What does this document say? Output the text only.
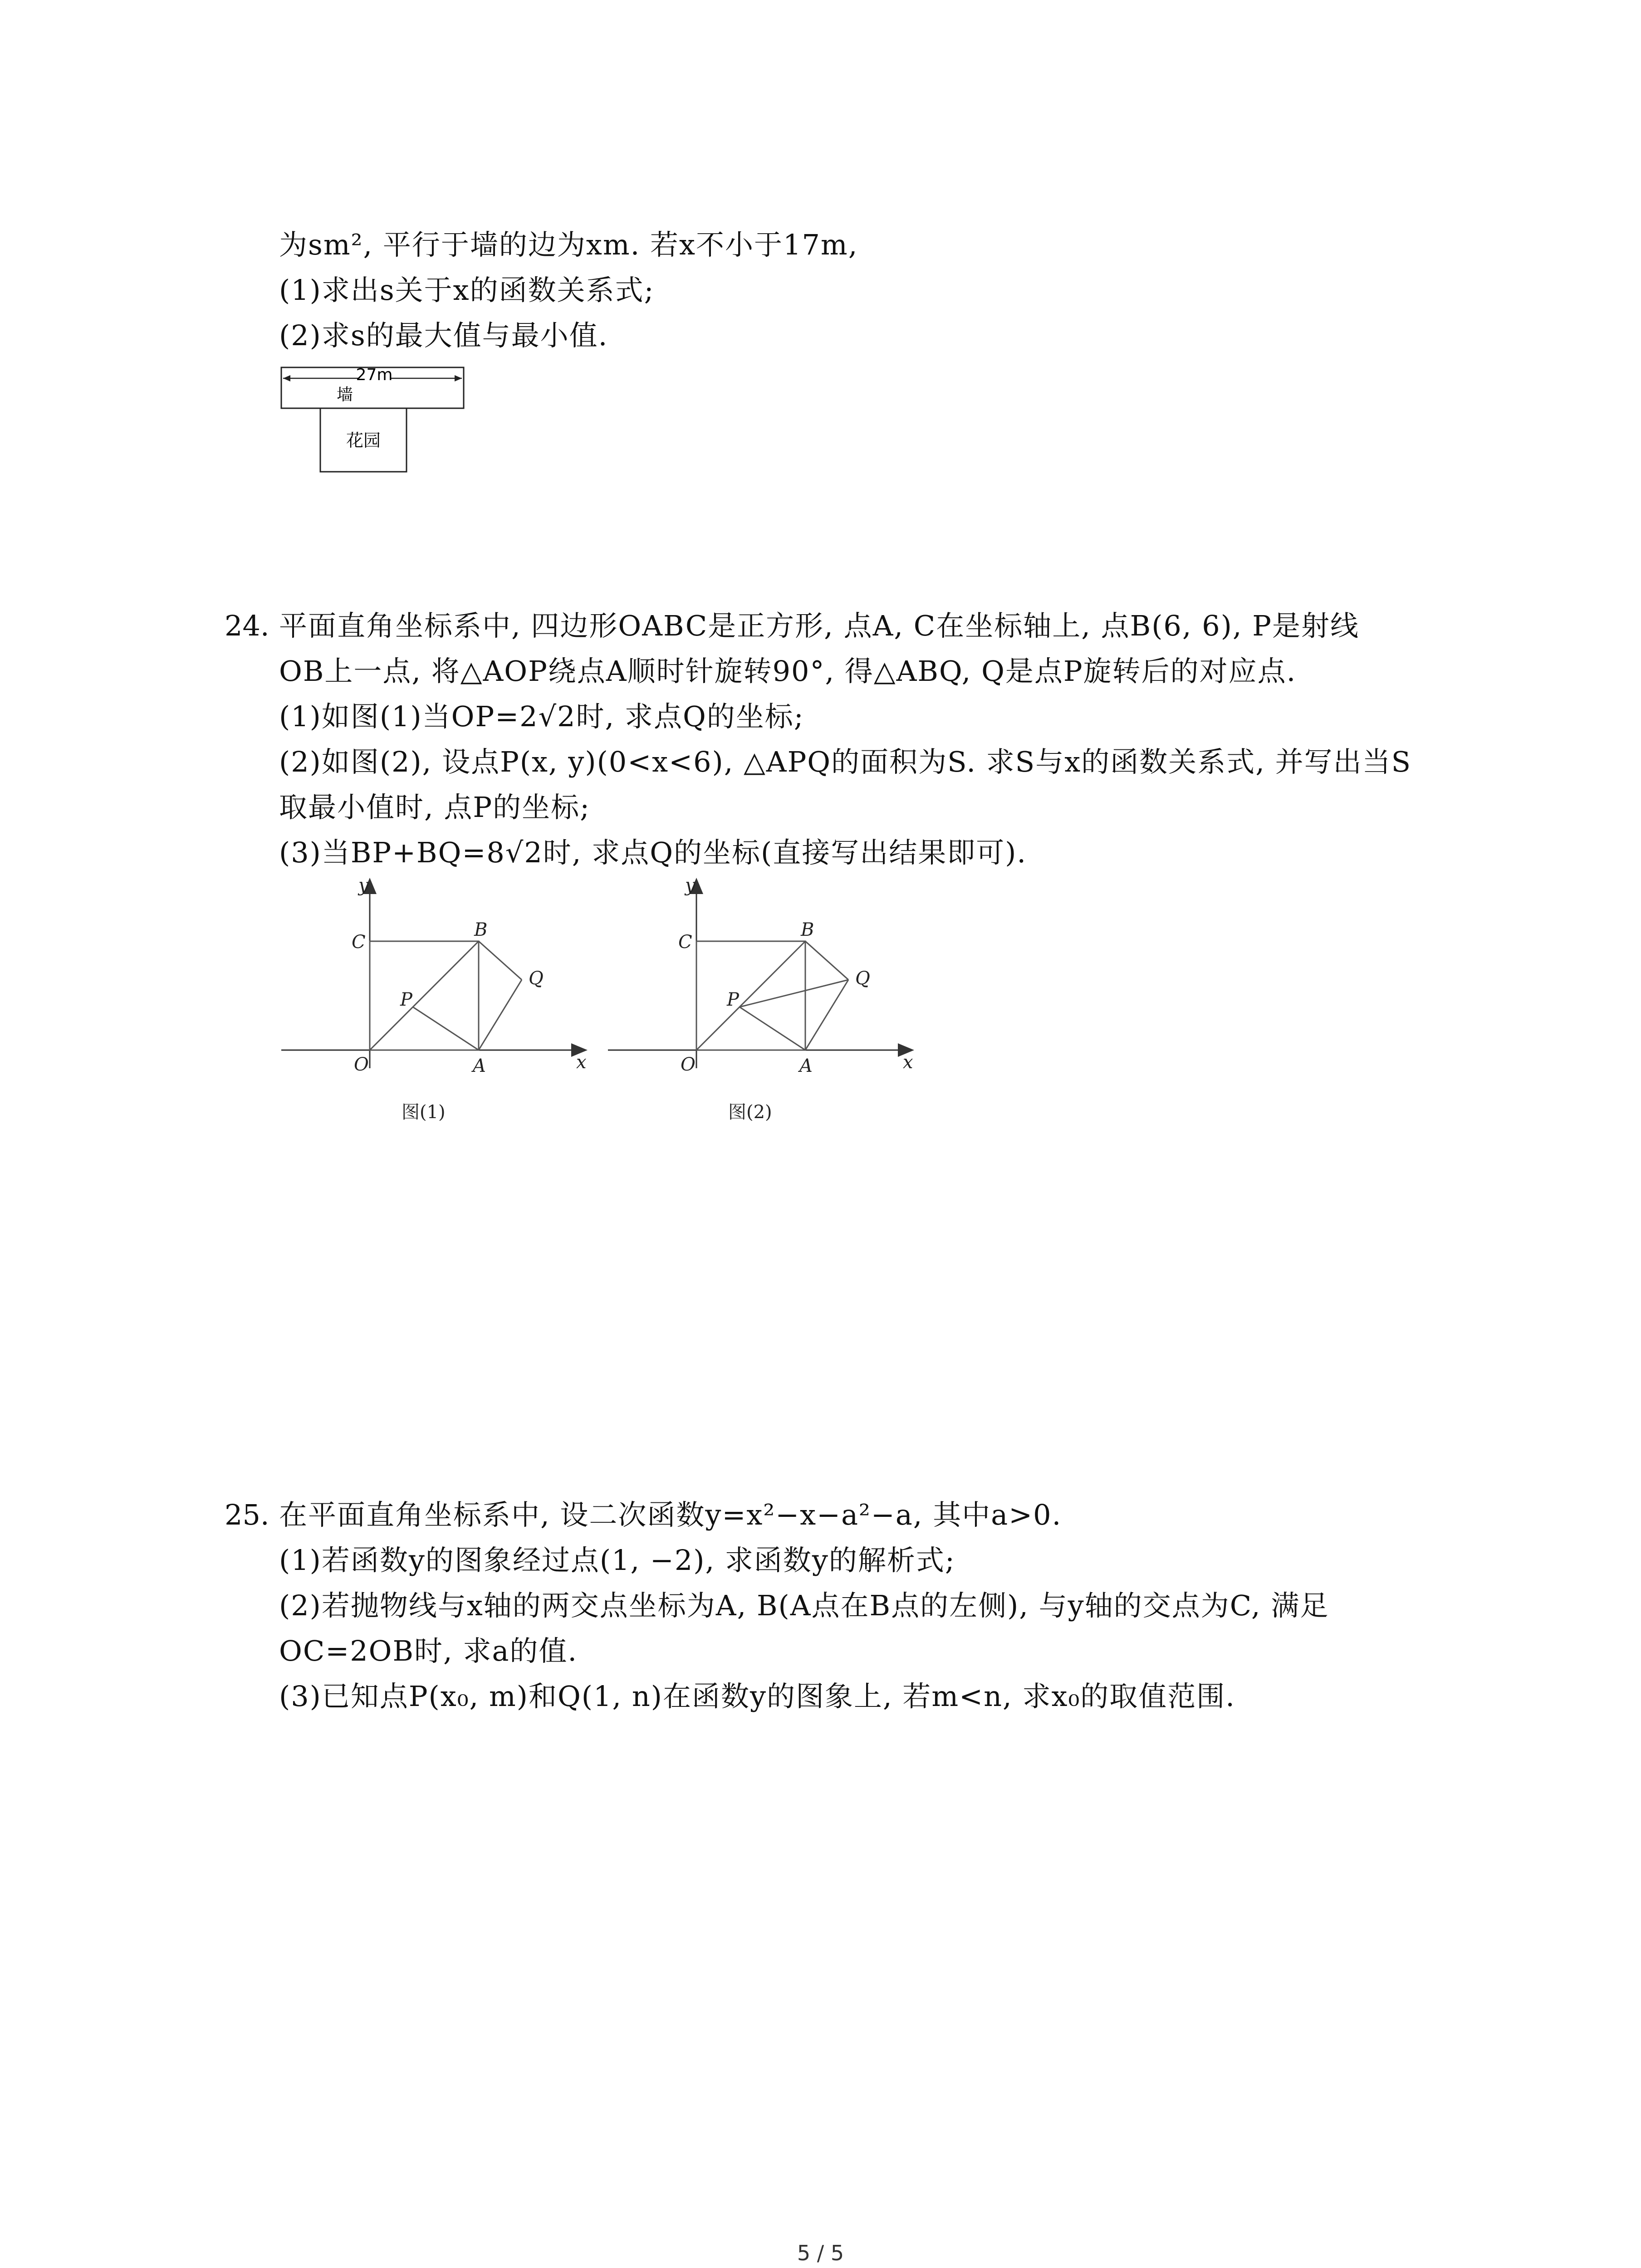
为sm², 平行于墙的边为xm. 若x不小于17m,
(1)求出s关于x的函数关系式;
(2)求s的最大值与最小值.
27m
墙
花园
24. 平面直角坐标系中, 四边形OABC是正方形, 点A, C在坐标轴上, 点B(6, 6), P是射线
OB上一点, 将△AOP绕点A顺时针旋转90°, 得△ABQ, Q是点P旋转后的对应点.
(1)如图(1)当OP=2√2时, 求点Q的坐标;
(2)如图(2), 设点P(x, y)(0<x<6), △APQ的面积为S. 求S与x的函数关系式, 并写出当S
取最小值时, 点P的坐标;
(3)当BP+BQ=8√2时, 求点Q的坐标(直接写出结果即可).
y
x
C
B
Q
P
O	A
图(1)
y
x
C
B
Q
P
O	A
图(2)
25. 在平面直角坐标系中, 设二次函数y=x²−x−a²−a, 其中a>0.
(1)若函数y的图象经过点(1, −2), 求函数y的解析式;
(2)若抛物线与x轴的两交点坐标为A, B(A点在B点的左侧), 与y轴的交点为C, 满足
OC=2OB时, 求a的值.
(3)已知点P(x₀, m)和Q(1, n)在函数y的图象上, 若m<n, 求x₀的取值范围.
5 / 5
